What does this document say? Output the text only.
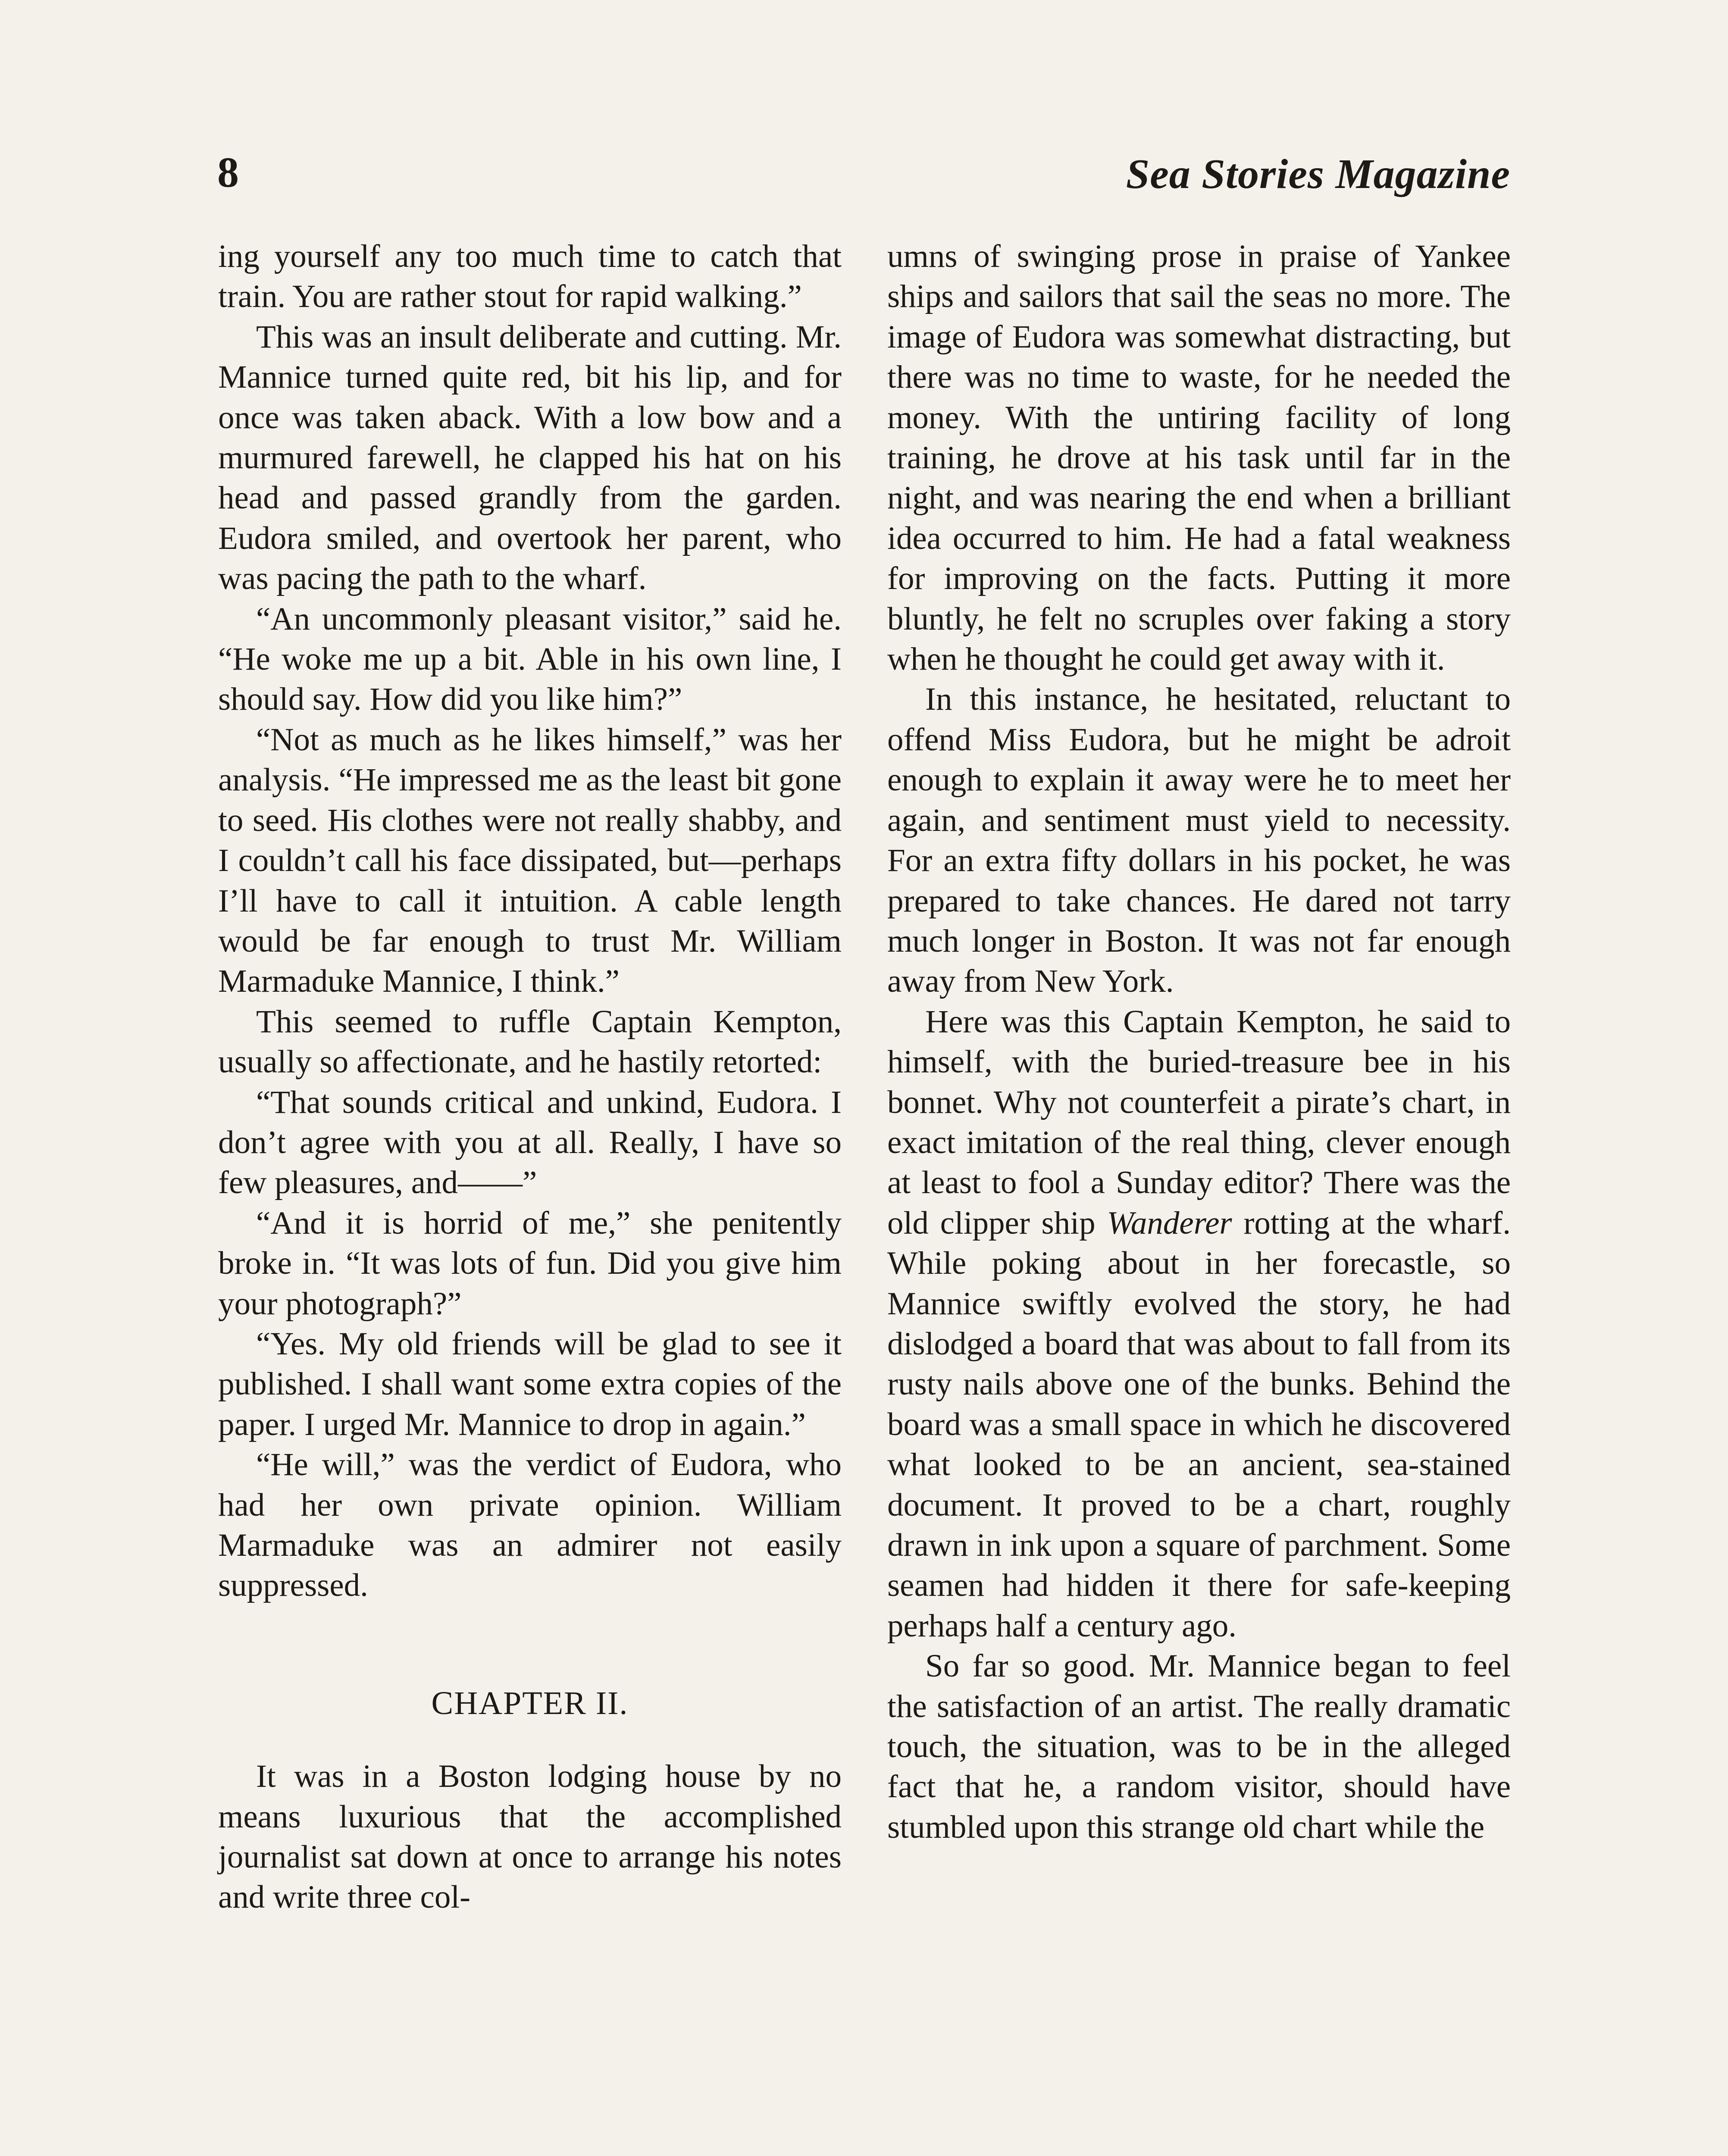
8	Sea Stories Magazine

ing yourself any too much time to catch that train. You are rather stout for rapid walking.”

This was an insult deliberate and cutting. Mr. Mannice turned quite red, bit his lip, and for once was taken aback. With a low bow and a murmured farewell, he clapped his hat on his head and passed grandly from the garden. Eudora smiled, and overtook her parent, who was pacing the path to the wharf.

“An uncommonly pleasant visitor,” said he. “He woke me up a bit. Able in his own line, I should say. How did you like him?”

“Not as much as he likes himself,” was her analysis. “He impressed me as the least bit gone to seed. His clothes were not really shabby, and I couldn’t call his face dissipated, but—perhaps I’ll have to call it intuition. A cable length would be far enough to trust Mr. William Marmaduke Mannice, I think.”

This seemed to ruffle Captain Kempton, usually so affectionate, and he hastily retorted:

“That sounds critical and unkind, Eudora. I don’t agree with you at all. Really, I have so few pleasures, and——”

“And it is horrid of me,” she penitently broke in. “It was lots of fun. Did you give him your photograph?”

“Yes. My old friends will be glad to see it published. I shall want some extra copies of the paper. I urged Mr. Mannice to drop in again.”

“He will,” was the verdict of Eudora, who had her own private opinion. William Marmaduke was an admirer not easily suppressed.

CHAPTER II.

It was in a Boston lodging house by no means luxurious that the accomplished journalist sat down at once to arrange his notes and write three col-

umns of swinging prose in praise of Yankee ships and sailors that sail the seas no more. The image of Eudora was somewhat distracting, but there was no time to waste, for he needed the money. With the untiring facility of long training, he drove at his task until far in the night, and was nearing the end when a brilliant idea occurred to him. He had a fatal weakness for improving on the facts. Putting it more bluntly, he felt no scruples over faking a story when he thought he could get away with it.

In this instance, he hesitated, reluctant to offend Miss Eudora, but he might be adroit enough to explain it away were he to meet her again, and sentiment must yield to necessity. For an extra fifty dollars in his pocket, he was prepared to take chances. He dared not tarry much longer in Boston. It was not far enough away from New York.

Here was this Captain Kempton, he said to himself, with the buried-treasure bee in his bonnet. Why not counterfeit a pirate’s chart, in exact imitation of the real thing, clever enough at least to fool a Sunday editor? There was the old clipper ship Wanderer rotting at the wharf. While poking about in her forecastle, so Mannice swiftly evolved the story, he had dislodged a board that was about to fall from its rusty nails above one of the bunks. Behind the board was a small space in which he discovered what looked to be an ancient, sea-stained document. It proved to be a chart, roughly drawn in ink upon a square of parchment. Some seamen had hidden it there for safe-keeping perhaps half a century ago.

So far so good. Mr. Mannice began to feel the satisfaction of an artist. The really dramatic touch, the situation, was to be in the alleged fact that he, a random visitor, should have stumbled upon this strange old chart while the
